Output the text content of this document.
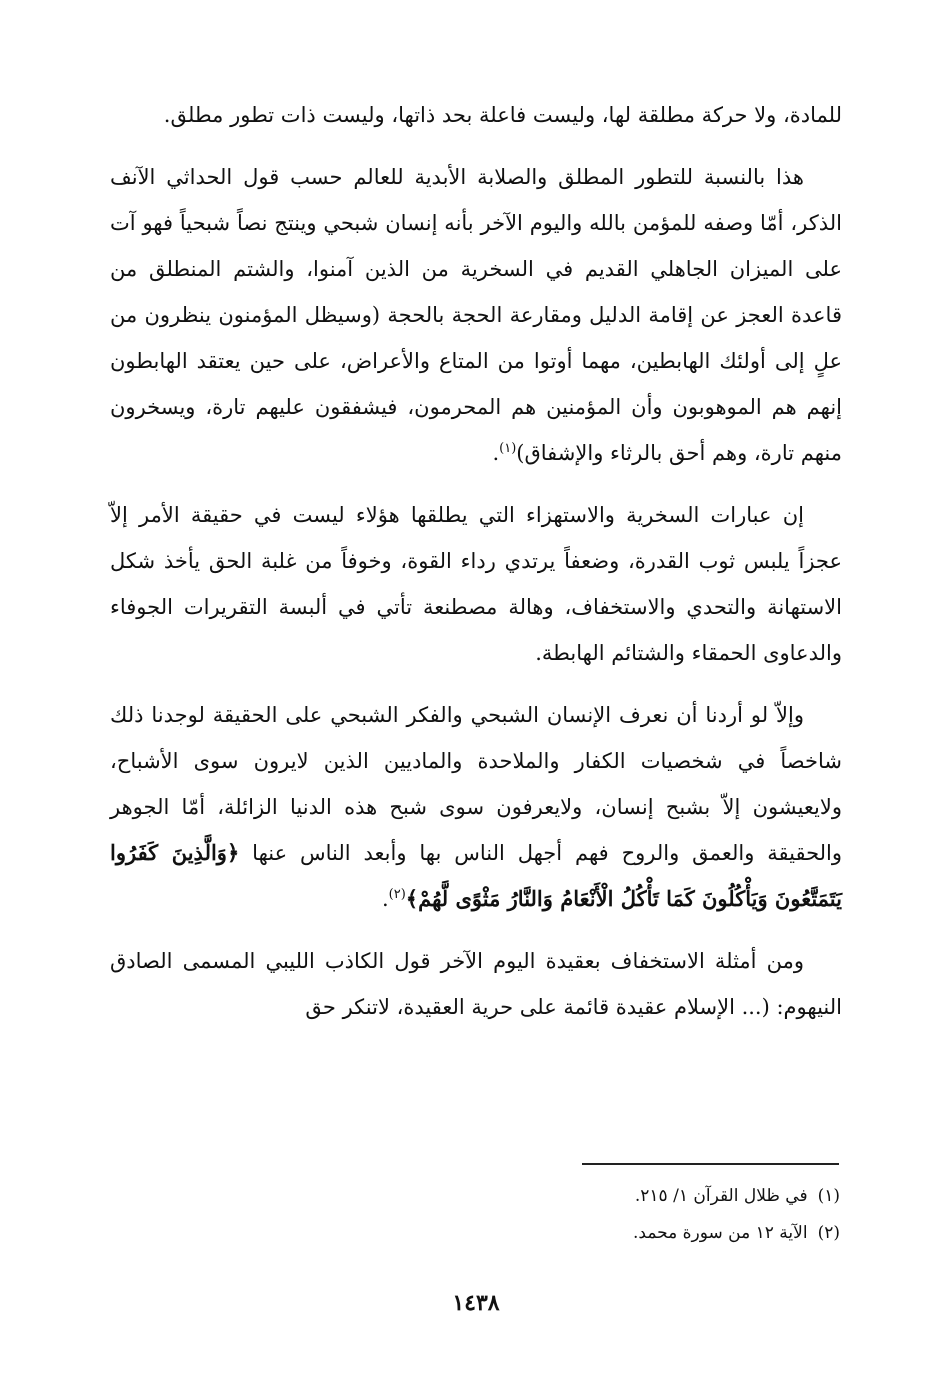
للمادة، ولا حركة مطلقة لها، وليست فاعلة بحد ذاتها، وليست ذات تطور مطلق.

هذا بالنسبة للتطور المطلق والصلابة الأبدية للعالم حسب قول الحداثي الآنف الذكر، أمّا وصفه للمؤمن بالله واليوم الآخر بأنه إنسان شبحي وينتج نصاً شبحياً فهو آت على الميزان الجاهلي القديم في السخرية من الذين آمنوا، والشتم المنطلق من قاعدة العجز عن إقامة الدليل ومقارعة الحجة بالحجة (وسيظل المؤمنون ينظرون من علٍ إلى أولئك الهابطين، مهما أوتوا من المتاع والأعراض، على حين يعتقد الهابطون إنهم هم الموهوبون وأن المؤمنين هم المحرمون، فيشفقون عليهم تارة، ويسخرون منهم تارة، وهم أحق بالرثاء والإشفاق)$^{(١)}$.

إن عبارات السخرية والاستهزاء التي يطلقها هؤلاء ليست في حقيقة الأمر إلاّ عجزاً يلبس ثوب القدرة، وضعفاً يرتدي رداء القوة، وخوفاً من غلبة الحق يأخذ شكل الاستهانة والتحدي والاستخفاف، وهالة مصطنعة تأتي في ألبسة التقريرات الجوفاء والدعاوى الحمقاء والشتائم الهابطة.

وإلاّ لو أردنا أن نعرف الإنسان الشبحي والفكر الشبحي على الحقيقة لوجدنا ذلك شاخصاً في شخصيات الكفار والملاحدة والماديين الذين لايرون سوى الأشباح، ولايعيشون إلاّ بشبح إنسان، ولايعرفون سوى شبح هذه الدنيا الزائلة، أمّا الجوهر والحقيقة والعمق والروح فهم أجهل الناس بها وأبعد الناس عنها ﴿وَالَّذِينَ كَفَرُوا يَتَمَتَّعُونَ وَيَأْكُلُونَ كَمَا تَأْكُلُ الْأَنْعَامُ وَالنَّارُ مَثْوًى لَّهُمْ﴾$^{(٢)}$.

ومن أمثلة الاستخفاف بعقيدة اليوم الآخر قول الكاذب الليبي المسمى الصادق النيهوم: (... الإسلام عقيدة قائمة على حرية العقيدة، لاتنكر حق

(١)في ظلال القرآن ١/ ٢١٥.
(٢)الآية ١٢ من سورة محمد.
١٤٣٨
